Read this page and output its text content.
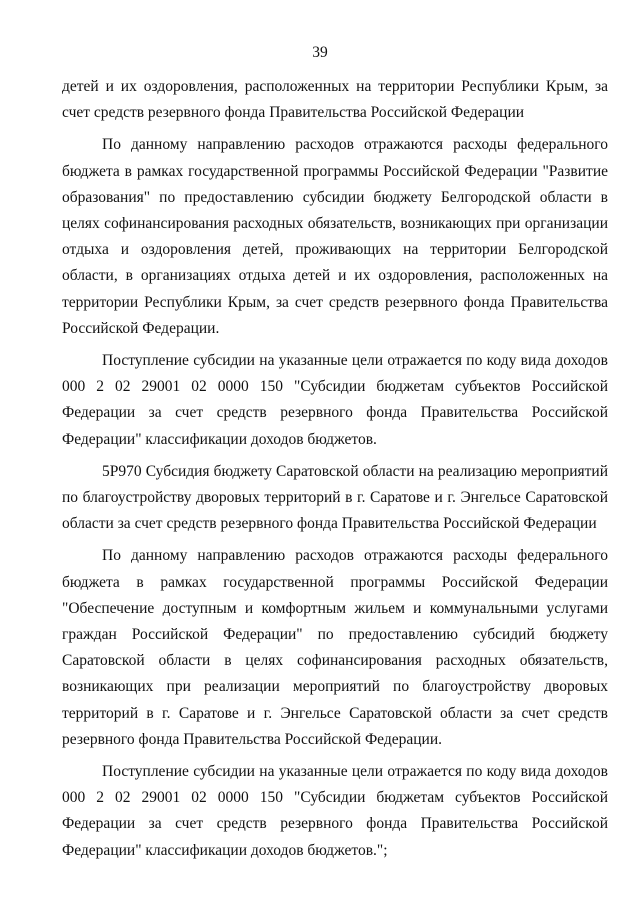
39

детей и их оздоровления, расположенных на территории Республики Крым, за счет средств резервного фонда Правительства Российской Федерации

По данному направлению расходов отражаются расходы федерального бюджета в рамках государственной программы Российской Федерации "Развитие образования" по предоставлению субсидии бюджету Белгородской области в целях софинансирования расходных обязательств, возникающих при организации отдыха и оздоровления детей, проживающих на территории Белгородской области, в организациях отдыха детей и их оздоровления, расположенных на территории Республики Крым, за счет средств резервного фонда Правительства Российской Федерации.

Поступление субсидии на указанные цели отражается по коду вида доходов 000 2 02 29001 02 0000 150 "Субсидии бюджетам субъектов Российской Федерации за счет средств резервного фонда Правительства Российской Федерации" классификации доходов бюджетов.

5Р970 Субсидия бюджету Саратовской области на реализацию мероприятий по благоустройству дворовых территорий в г. Саратове и г. Энгельсе Саратовской области за счет средств резервного фонда Правительства Российской Федерации

По данному направлению расходов отражаются расходы федерального бюджета в рамках государственной программы Российской Федерации "Обеспечение доступным и комфортным жильем и коммунальными услугами граждан Российской Федерации" по предоставлению субсидий бюджету Саратовской области в целях софинансирования расходных обязательств, возникающих при реализации мероприятий по благоустройству дворовых территорий в г. Саратове и г. Энгельсе Саратовской области за счет средств резервного фонда Правительства Российской Федерации.

Поступление субсидии на указанные цели отражается по коду вида доходов 000 2 02 29001 02 0000 150 "Субсидии бюджетам субъектов Российской Федерации за счет средств резервного фонда Правительства Российской Федерации" классификации доходов бюджетов.";
